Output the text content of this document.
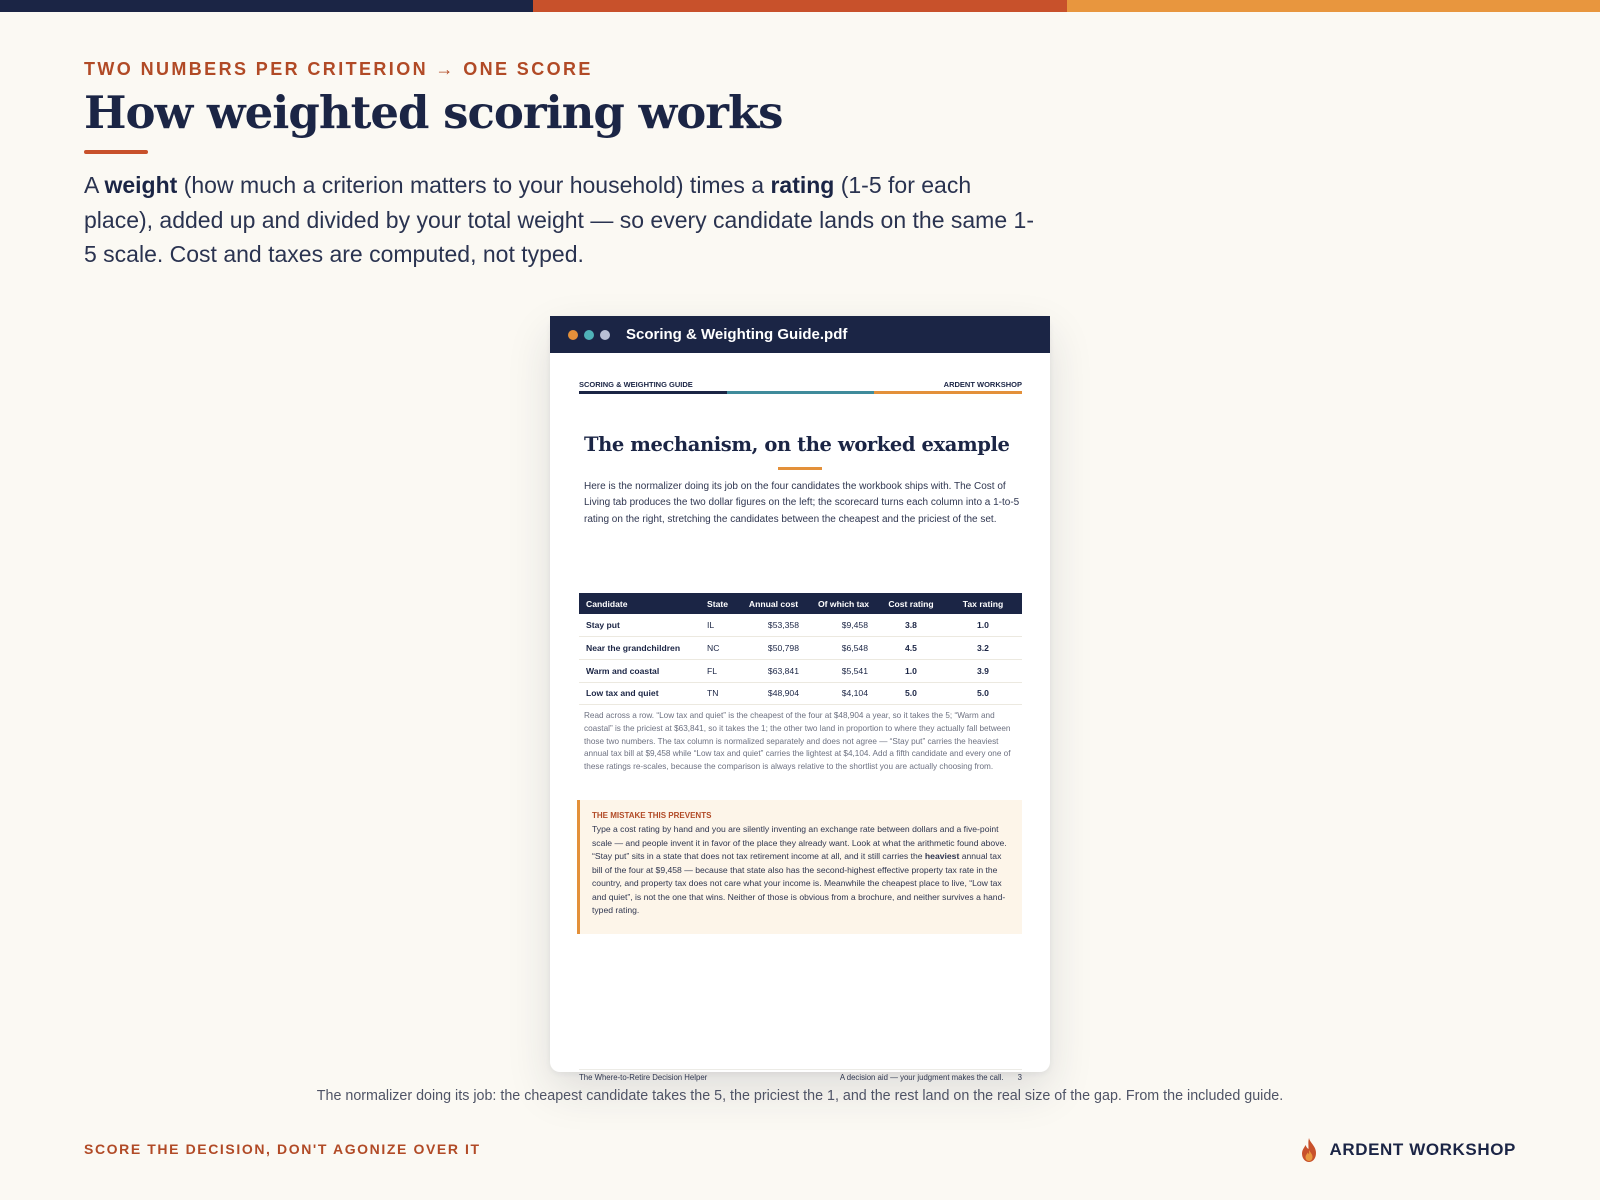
TWO NUMBERS PER CRITERION → ONE SCORE
How weighted scoring works

A weight (how much a criterion matters to your household) times a rating (1-5 for each place), added up and divided by your total weight — so every candidate lands on the same 1-5 scale. Cost and taxes are computed, not typed.

Scoring & Weighting Guide.pdf
SCORING & WEIGHTING GUIDE	ARDENT WORKSHOP
The mechanism, on the worked example

Here is the normalizer doing its job on the four candidates the workbook ships with. The Cost of Living tab produces the two dollar figures on the left; the scorecard turns each column into a 1-to-5 rating on the right, stretching the candidates between the cheapest and the priciest of the set.

Candidate	State	Annual cost	Of which tax	Cost rating	Tax rating
Stay put	IL	$53,358	$9,458	3.8	1.0
Near the grandchildren	NC	$50,798	$6,548	4.5	3.2
Warm and coastal	FL	$63,841	$5,541	1.0	3.9
Low tax and quiet	TN	$48,904	$4,104	5.0	5.0

Read across a row. “Low tax and quiet” is the cheapest of the four at $48,904 a year, so it takes the 5; “Warm and coastal” is the priciest at $63,841, so it takes the 1; the other two land in proportion to where they actually fall between those two numbers. The tax column is normalized separately and does not agree — “Stay put” carries the heaviest annual tax bill at $9,458 while “Low tax and quiet” carries the lightest at $4,104. Add a fifth candidate and every one of these ratings re-scales, because the comparison is always relative to the shortlist you are actually choosing from.

THE MISTAKE THIS PREVENTS

Type a cost rating by hand and you are silently inventing an exchange rate between dollars and a five-point scale — and people invent it in favor of the place they already want. Look at what the arithmetic found above. “Stay put” sits in a state that does not tax retirement income at all, and it still carries the heaviest annual tax bill of the four at $9,458 — because that state also has the second-highest effective property tax rate in the country, and property tax does not care what your income is. Meanwhile the cheapest place to live, “Low tax and quiet”, is not the one that wins. Neither of those is obvious from a brochure, and neither survives a hand-typed rating.

The Where-to-Retire Decision Helper	A decision aid — your judgment makes the call. 3
The normalizer doing its job: the cheapest candidate takes the 5, the priciest the 1, and the rest land on the real size of the gap. From the included guide.
SCORE THE DECISION, DON'T AGONIZE OVER IT	ARDENT WORKSHOP
